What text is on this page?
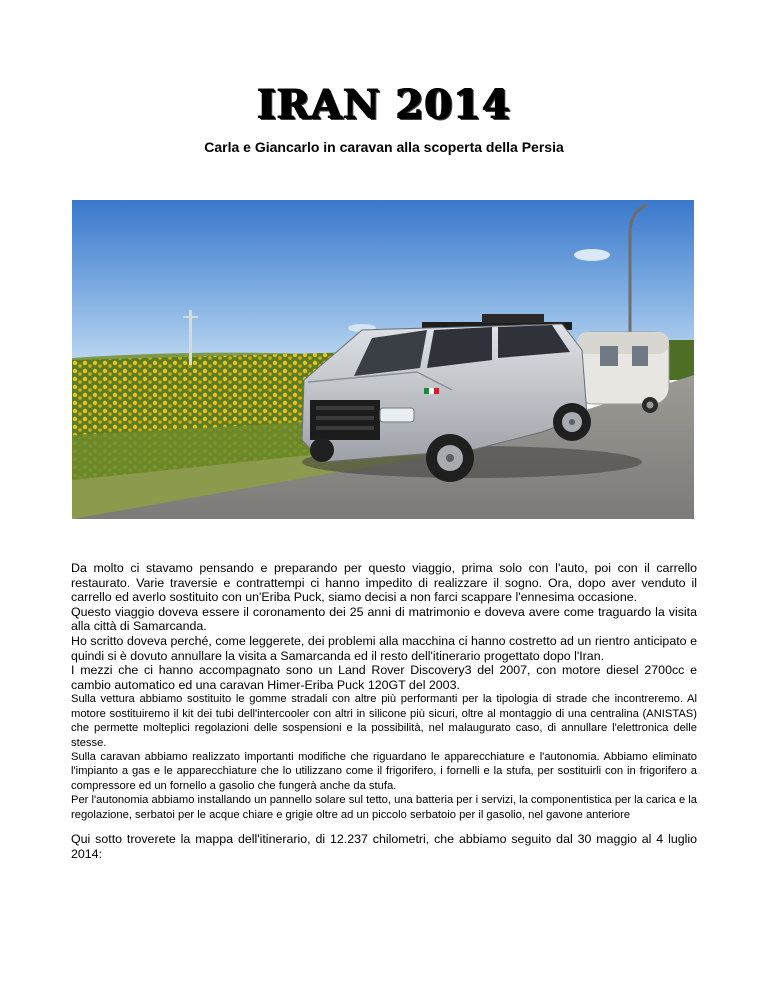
IRAN 2014
Carla e Giancarlo in caravan alla scoperta della Persia

Da molto ci stavamo pensando e preparando per questo viaggio, prima solo con l'auto, poi con il carrello restaurato. Varie traversie e contrattempi ci hanno impedito di realizzare il sogno. Ora, dopo aver venduto il carrello ed averlo sostituito con un'Eriba Puck, siamo decisi a non farci scappare l'ennesima occasione.

Questo viaggio doveva essere il coronamento dei 25 anni di matrimonio e doveva avere come traguardo la visita alla città di Samarcanda.

Ho scritto doveva perché, come leggerete, dei problemi alla macchina ci hanno costretto ad un rientro anticipato e quindi si è dovuto annullare la visita a Samarcanda ed il resto dell'itinerario progettato dopo l'Iran.

I mezzi che ci hanno accompagnato sono un Land Rover Discovery3 del 2007, con motore diesel 2700cc e cambio automatico ed una caravan Himer-Eriba Puck 120GT del 2003.

Sulla vettura abbiamo sostituito le gomme stradali con altre più performanti per la tipologia di strade che incontreremo. Al motore sostituiremo il kit dei tubi dell'intercooler con altri in silicone più sicuri, oltre al montaggio di una centralina (ANISTAS) che permette molteplici regolazioni delle sospensioni e la possibilità, nel malaugurato caso, di annullare l'elettronica delle stesse.

Sulla caravan abbiamo realizzato importanti modifiche che riguardano le apparecchiature e l'autonomia. Abbiamo eliminato l'impianto a gas e le apparecchiature che lo utilizzano come il frigorifero, i fornelli e la stufa, per sostituirli con in frigorifero a compressore ed un fornello a gasolio che fungerà anche da stufa.

Per l'autonomia abbiamo installando un pannello solare sul tetto, una batteria per i servizi, la componentistica per la carica e la regolazione, serbatoi per le acque chiare e grigie oltre ad un piccolo serbatoio per il gasolio, nel gavone anteriore

Qui sotto troverete la mappa dell'itinerario, di 12.237 chilometri, che abbiamo seguito dal 30 maggio al 4 luglio 2014:
